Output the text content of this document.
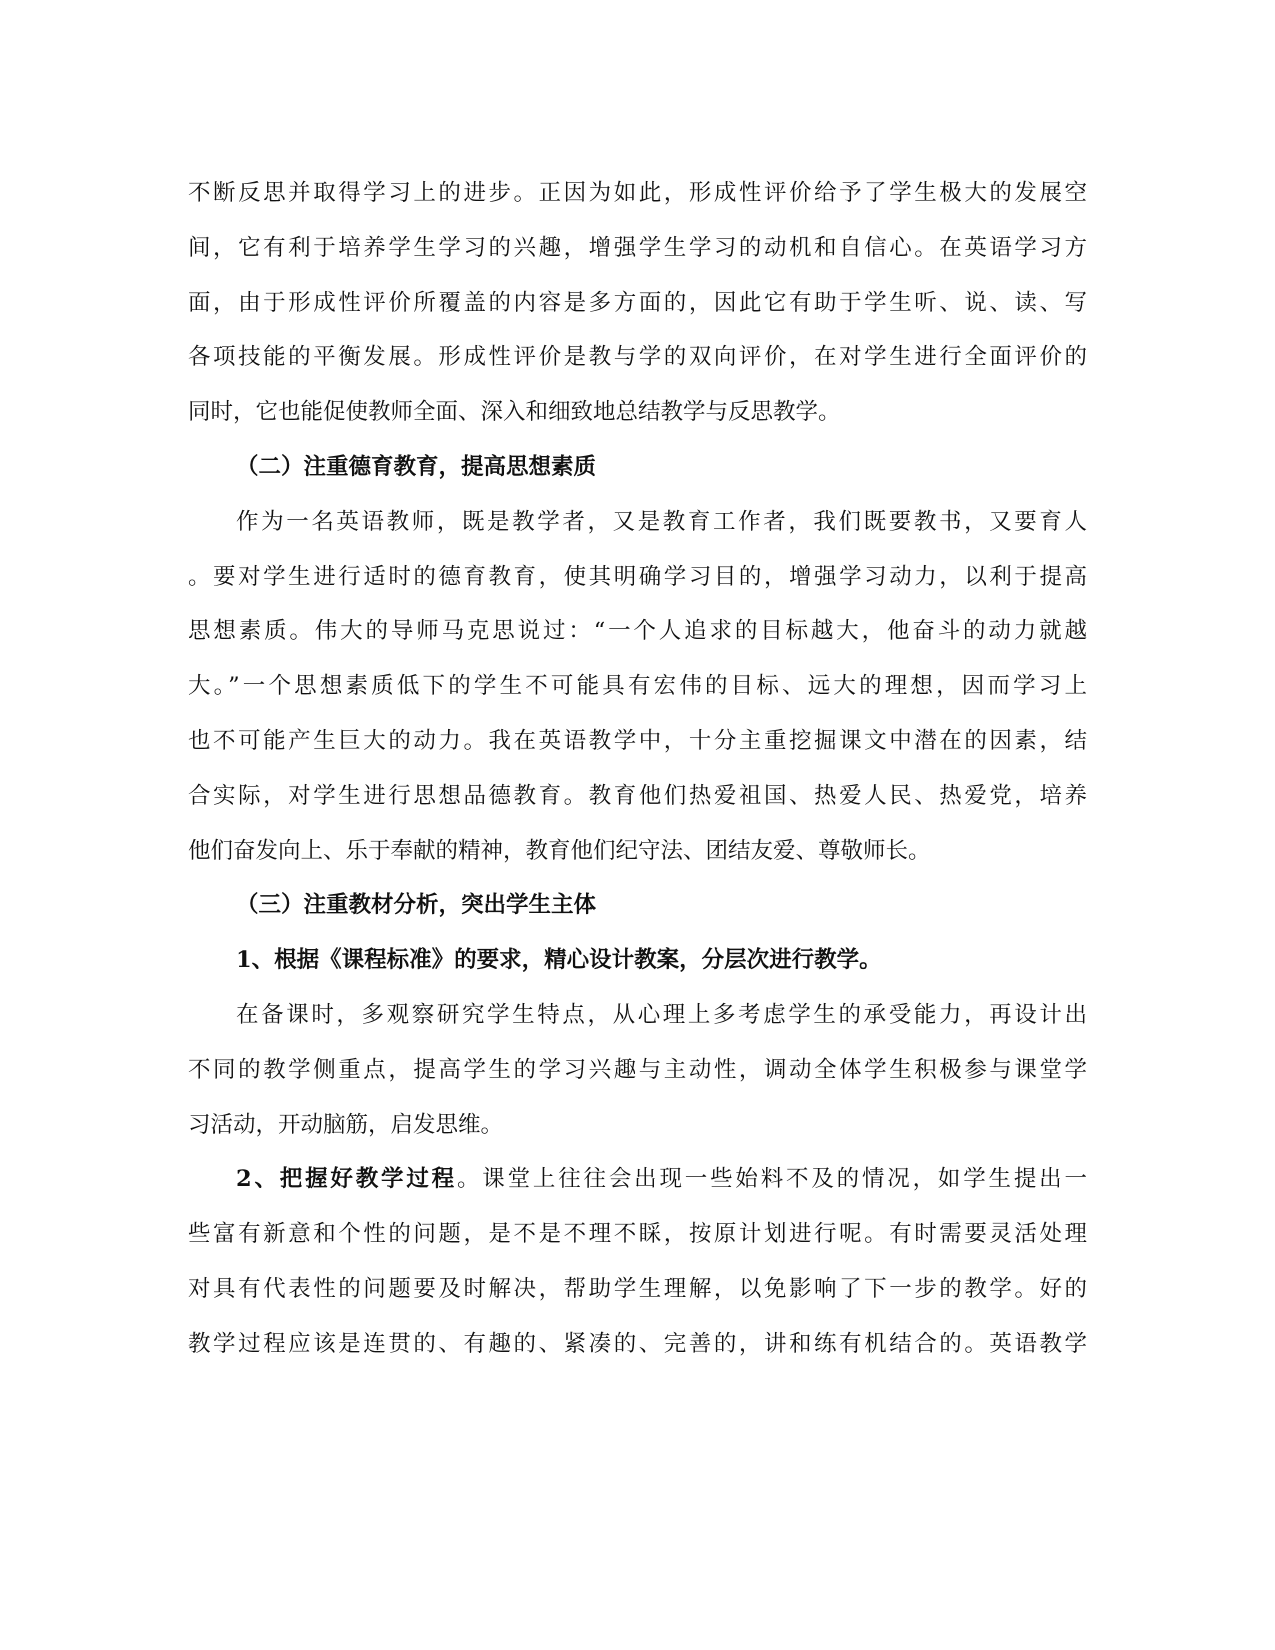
不断反思并取得学习上的进步。正因为如此，形成性评价给予了学生极大的发展空
间，它有利于培养学生学习的兴趣，增强学生学习的动机和自信心。在英语学习方
面，由于形成性评价所覆盖的内容是多方面的，因此它有助于学生听、说、读、写
各项技能的平衡发展。形成性评价是教与学的双向评价，在对学生进行全面评价的
同时，它也能促使教师全面、深入和细致地总结教学与反思教学。
（二）注重德育教育，提高思想素质
作为一名英语教师，既是教学者，又是教育工作者，我们既要教书，又要育人
。要对学生进行适时的德育教育，使其明确学习目的，增强学习动力，以利于提高
思想素质。伟大的导师马克思说过：“一个人追求的目标越大，他奋斗的动力就越
大。”一个思想素质低下的学生不可能具有宏伟的目标、远大的理想，因而学习上
也不可能产生巨大的动力。我在英语教学中，十分主重挖掘课文中潜在的因素，结
合实际，对学生进行思想品德教育。教育他们热爱祖国、热爱人民、热爱党，培养
他们奋发向上、乐于奉献的精神，教育他们纪守法、团结友爱、尊敬师长。
（三）注重教材分析，突出学生主体
1、根据《课程标准》的要求，精心设计教案，分层次进行教学。
在备课时，多观察研究学生特点，从心理上多考虑学生的承受能力，再设计出
不同的教学侧重点，提高学生的学习兴趣与主动性，调动全体学生积极参与课堂学
习活动，开动脑筋，启发思维。
2、把握好教学过程。课堂上往往会出现一些始料不及的情况，如学生提出一
些富有新意和个性的问题，是不是不理不睬，按原计划进行呢。有时需要灵活处理
对具有代表性的问题要及时解决，帮助学生理解，以免影响了下一步的教学。好的
教学过程应该是连贯的、有趣的、紧凑的、完善的，讲和练有机结合的。英语教学
